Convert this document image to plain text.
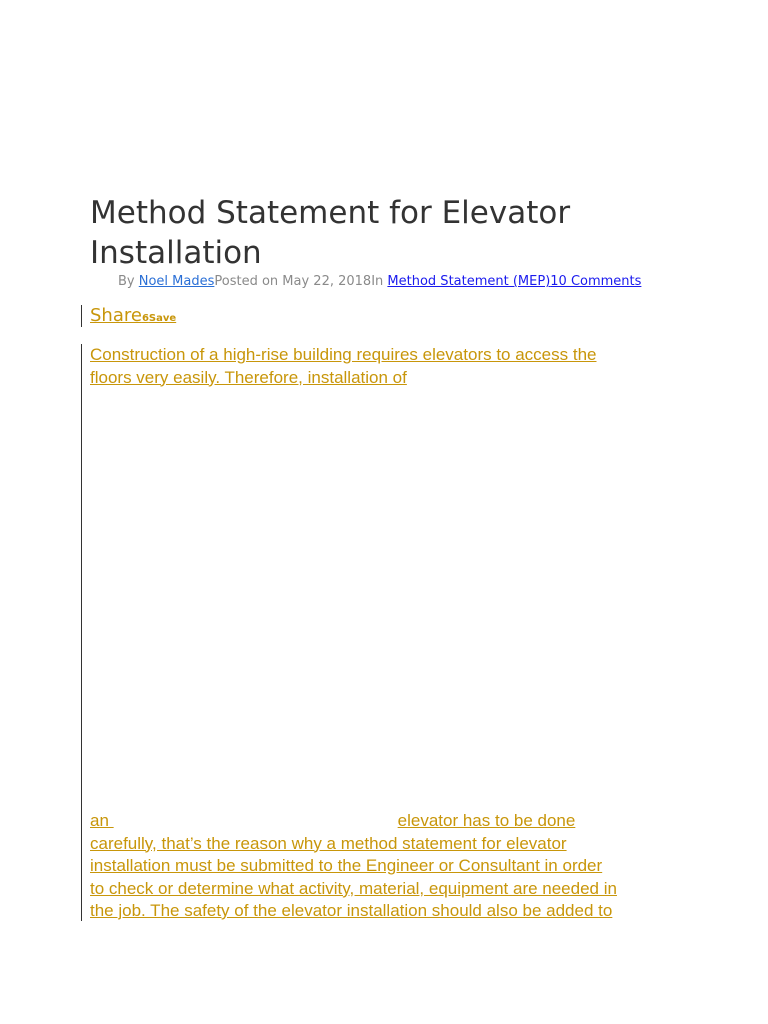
Method Statement for Elevator Installation
By Noel MadesPosted on May 22, 2018In Method Statement (MEP)10 Comments
Share6Save
Construction of a high-rise building requires elevators to access the
floors very easily. Therefore, installation of
an	elevator has to be done
carefully, that’s the reason why a method statement for elevator
installation must be submitted to the Engineer or Consultant in order
to check or determine what activity, material, equipment are needed in
the job. The safety of the elevator installation should also be added to
